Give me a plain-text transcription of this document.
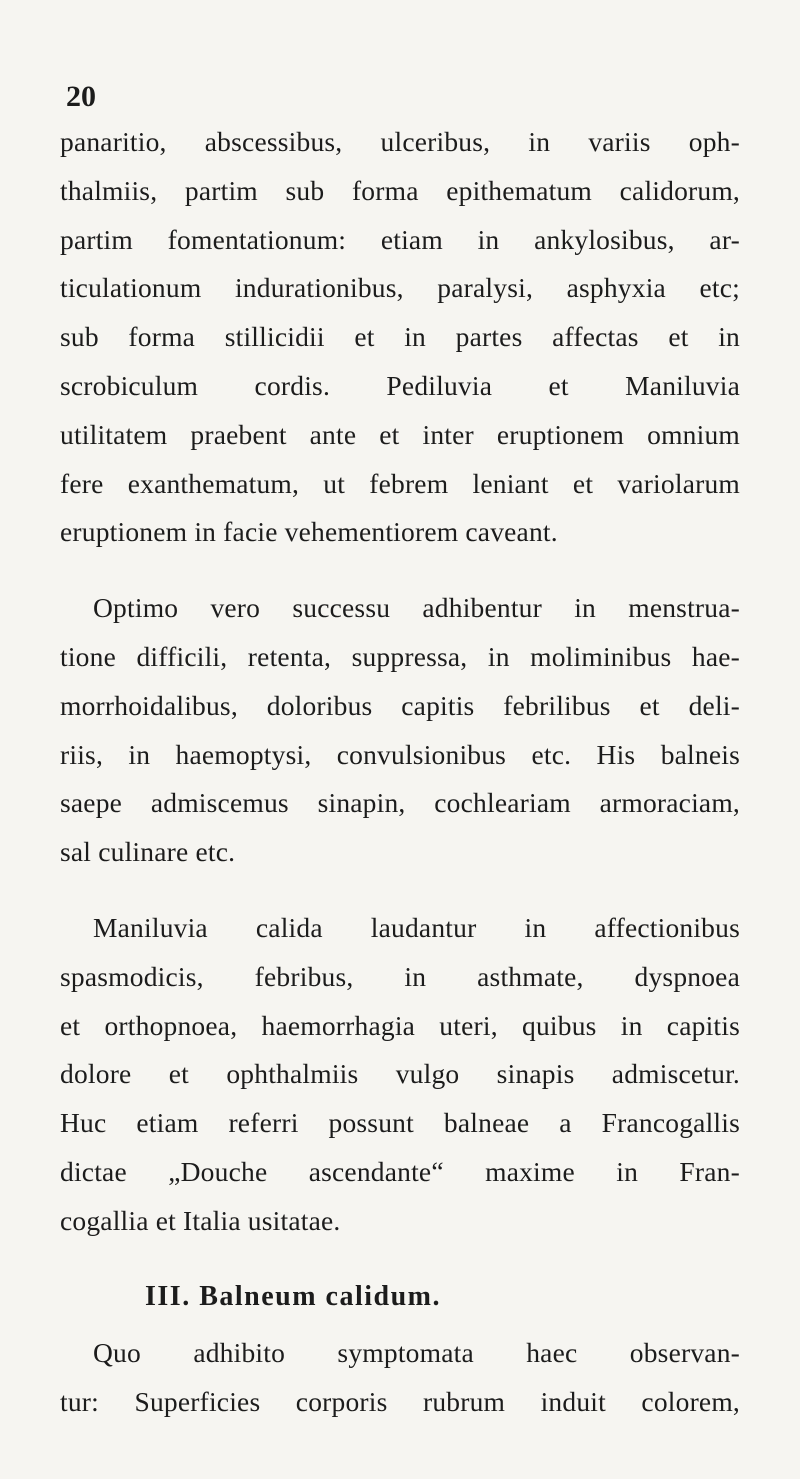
20
panaritio, abscessibus, ulceribus, in variis oph-
thalmiis, partim sub forma epithematum calidorum,
partim fomentationum: etiam in ankylosibus, ar-
ticulationum indurationibus, paralysi, asphyxia etc;
sub forma stillicidii et in partes affectas et in
scrobiculum cordis. Pediluvia et Maniluvia
utilitatem praebent ante et inter eruptionem omnium
fere exanthematum, ut febrem leniant et variolarum
eruptionem in facie vehementiorem caveant.
Optimo vero successu adhibentur in menstrua-
tione difficili, retenta, suppressa, in moliminibus hae-
morrhoidalibus, doloribus capitis febrilibus et deli-
riis, in haemoptysi, convulsionibus etc. His balneis
saepe admiscemus sinapin, cochleariam armoraciam,
sal culinare etc.
Maniluvia calida laudantur in affectionibus
spasmodicis, febribus, in asthmate, dyspnoea
et orthopnoea, haemorrhagia uteri, quibus in capitis
dolore et ophthalmiis vulgo sinapis admiscetur.
Huc etiam referri possunt balneae a Francogallis
dictae „Douche ascendante“ maxime in Fran-
cogallia et Italia usitatae.
III. Balneum calidum.
Quo adhibito symptomata haec observan-
tur: Superficies corporis rubrum induit colorem,
